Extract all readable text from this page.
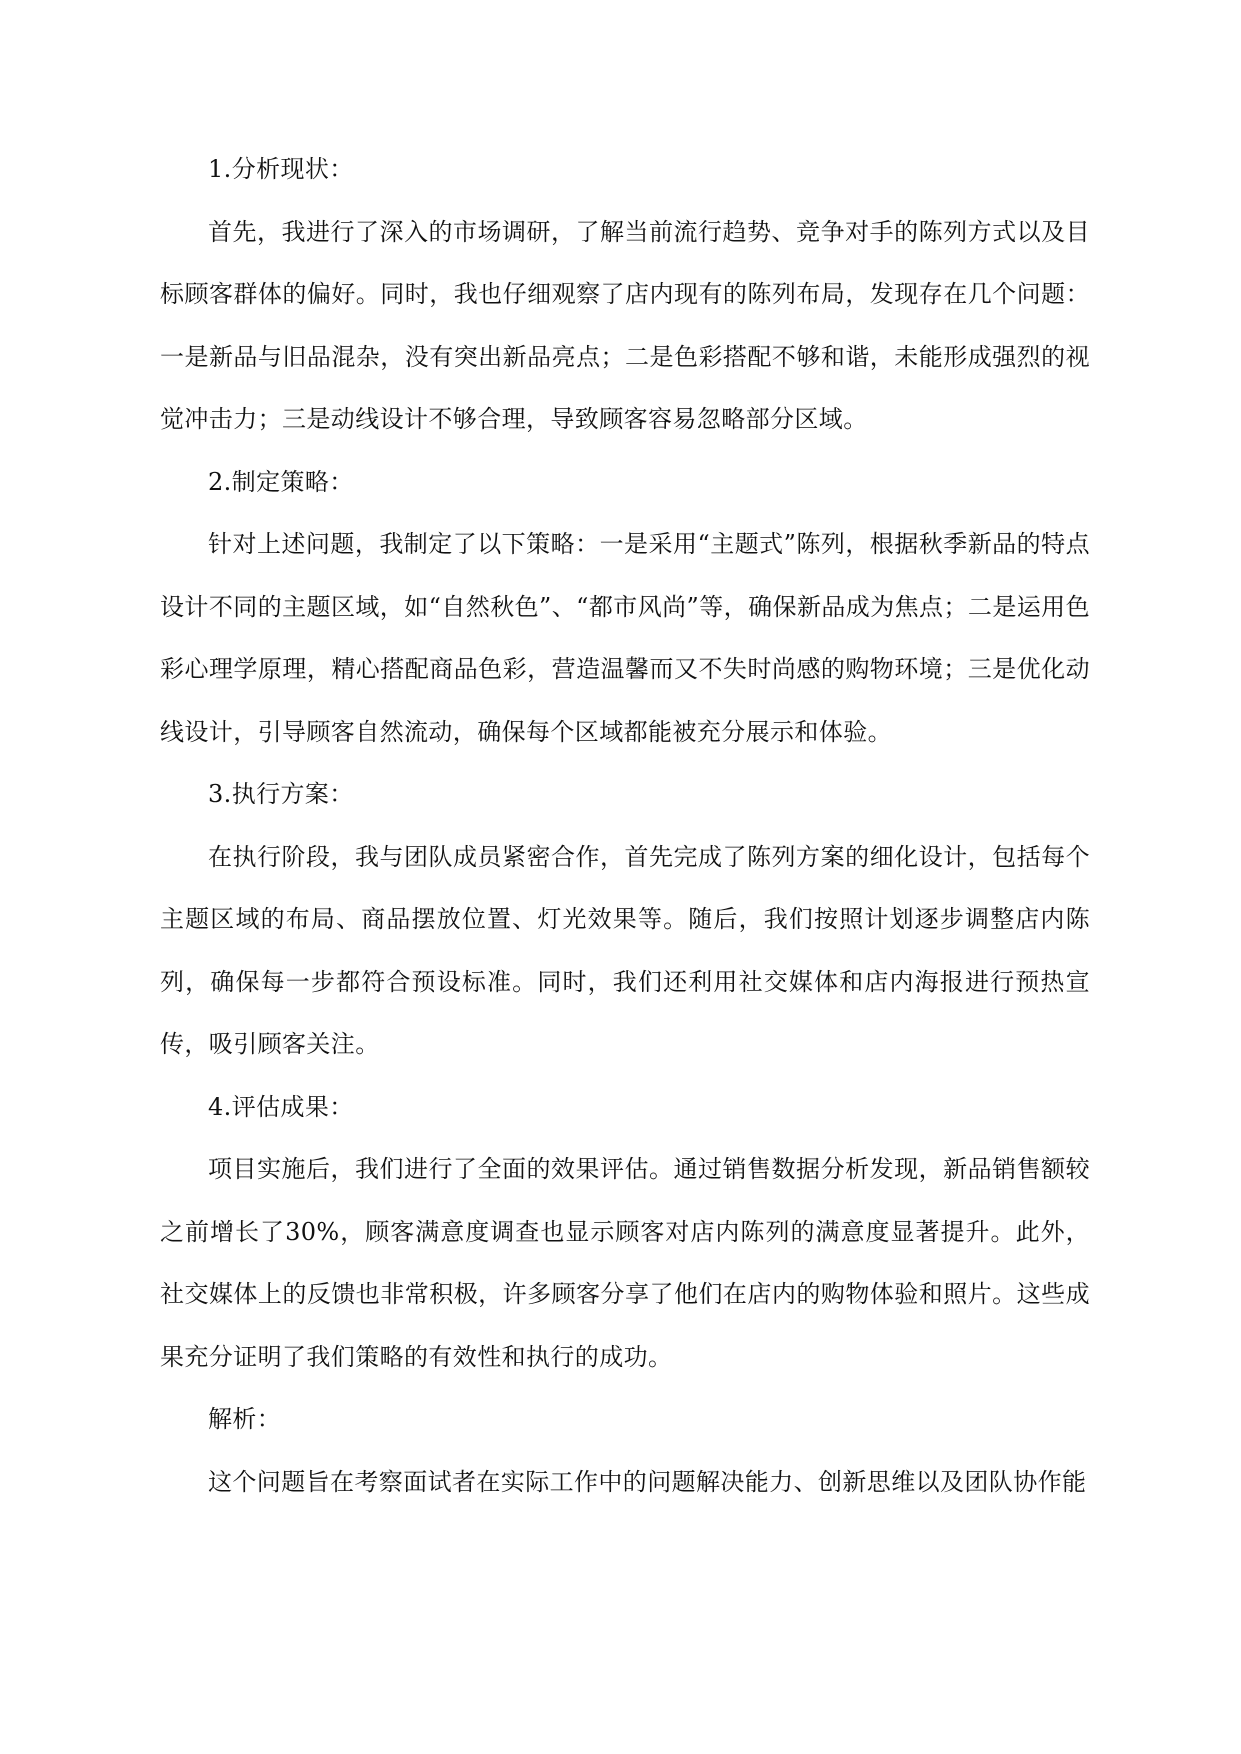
1.分析现状：

首先，我进行了深入的市场调研，了解当前流行趋势、竞争对手的陈列方式以及目标顾客群体的偏好。同时，我也仔细观察了店内现有的陈列布局，发现存在几个问题：一是新品与旧品混杂，没有突出新品亮点；二是色彩搭配不够和谐，未能形成强烈的视觉冲击力；三是动线设计不够合理，导致顾客容易忽略部分区域。

2.制定策略：

针对上述问题，我制定了以下策略：一是采用“主题式”陈列，根据秋季新品的特点设计不同的主题区域，如“自然秋色”、“都市风尚”等，确保新品成为焦点；二是运用色彩心理学原理，精心搭配商品色彩，营造温馨而又不失时尚感的购物环境；三是优化动线设计，引导顾客自然流动，确保每个区域都能被充分展示和体验。

3.执行方案：

在执行阶段，我与团队成员紧密合作，首先完成了陈列方案的细化设计，包括每个主题区域的布局、商品摆放位置、灯光效果等。随后，我们按照计划逐步调整店内陈列，确保每一步都符合预设标准。同时，我们还利用社交媒体和店内海报进行预热宣传，吸引顾客关注。

4.评估成果：

项目实施后，我们进行了全面的效果评估。通过销售数据分析发现，新品销售额较之前增长了30%，顾客满意度调查也显示顾客对店内陈列的满意度显著提升。此外，社交媒体上的反馈也非常积极，许多顾客分享了他们在店内的购物体验和照片。这些成果充分证明了我们策略的有效性和执行的成功。

解析：

这个问题旨在考察面试者在实际工作中的问题解决能力、创新思维以及团队协作能
